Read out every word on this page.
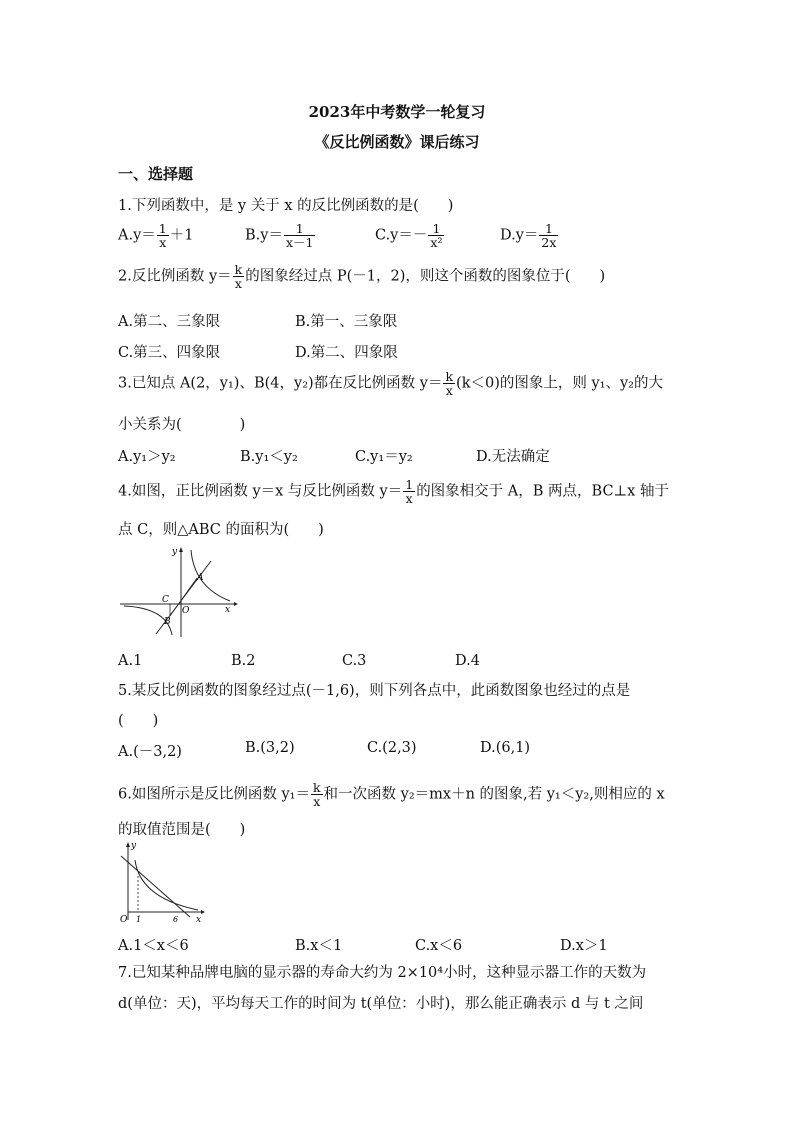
2023年中考数学一轮复习
《反比例函数》课后练习
一、选择题
1.下列函数中，是 y 关于 x 的反比例函数的是(　　)
$A.y= \frac{1}{x} +1$	$B.y= \frac{1}{x-1}$	$C.y=- \frac{1}{\text{x²}}$	$D.y= \frac{1}{2x}$
2.反比例函数 $y= \frac{k}{x}$ 的图象经过点 P(－1，2)，则这个函数的图象位于(　　)
A.第二、三象限	B.第一、三象限
C.第三、四象限	D.第二、四象限
3.已知点 A(2，y₁)、B(4，y₂)都在反比例函数 $y= \frac{k}{x} (k<0)$的图象上，则 y₁、y₂的大
小关系为(　　　　)
A.y₁＞y₂	B.y₁＜y₂	C.y₁＝y₂	D.无法确定
4.如图，正比例函数 y＝x 与反比例函数 $y= \frac{1}{x}$ 的图象相交于 A，B 两点，BC⊥x 轴于
点 C，则△ABC 的面积为(　　)
y
x
A
B
C
O
A.1	B.2	C.3	D.4
5.某反比例函数的图象经过点(－1,6)，则下列各点中，此函数图象也经过的点是
(　　)
A.(－3,2)	B.(3,2)	C.(2,3)	D.(6,1)
6.如图所示是反比例函数 $y_1= \frac{k}{x}$ 和一次函数 y₂＝mx＋n 的图象,若 y₁＜y₂,则相应的 x
的取值范围是(　　)
y
x
O 1	6
A.1＜x＜6	B.x＜1	C.x＜6	D.x＞1
7.已知某种品牌电脑的显示器的寿命大约为 2×10⁴小时，这种显示器工作的天数为
d(单位：天)，平均每天工作的时间为 t(单位：小时)，那么能正确表示 d 与 t 之间
